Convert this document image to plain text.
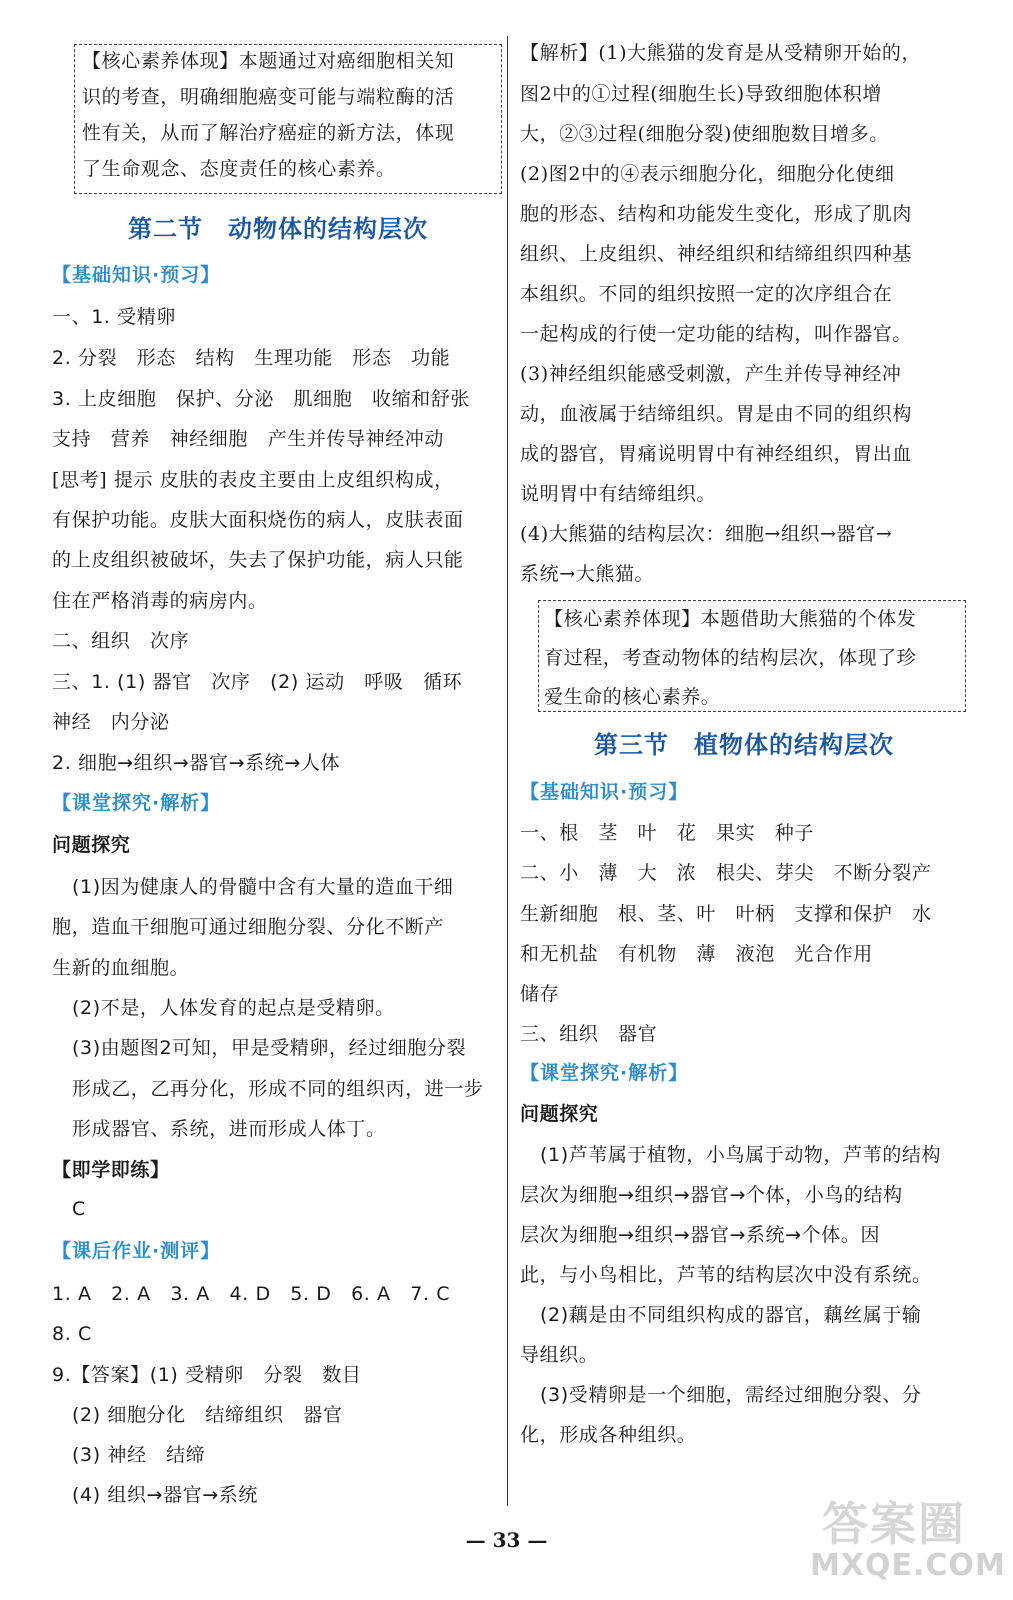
【核心素养体现】本题通过对癌细胞相关知
识的考查，明确细胞癌变可能与端粒酶的活
性有关，从而了解治疗癌症的新方法，体现
了生命观念、态度责任的核心素养。
第二节　动物体的结构层次
【基础知识·预习】
一、1. 受精卵
2. 分裂　形态　结构　生理功能　形态　功能
3. 上皮细胞　保护、分泌　肌细胞　收缩和舒张
支持　营养　神经细胞　产生并传导神经冲动
[思考] 提示 皮肤的表皮主要由上皮组织构成，
有保护功能。皮肤大面积烧伤的病人，皮肤表面
的上皮组织被破坏，失去了保护功能，病人只能
住在严格消毒的病房内。
二、组织　次序
三、1. (1) 器官　次序　(2) 运动　呼吸　循环
神经　内分泌
2. 细胞→组织→器官→系统→人体
【课堂探究·解析】
问题探究
(1)因为健康人的骨髓中含有大量的造血干细
胞，造血干细胞可通过细胞分裂、分化不断产
生新的血细胞。
(2)不是，人体发育的起点是受精卵。
(3)由题图2可知，甲是受精卵，经过细胞分裂
形成乙，乙再分化，形成不同的组织丙，进一步
形成器官、系统，进而形成人体丁。
【即学即练】
C
【课后作业·测评】
1. A　2. A　3. A　4. D　5. D　6. A　7. C
8. C
9.【答案】(1) 受精卵　分裂　数目
(2) 细胞分化　结缔组织　器官
(3) 神经　结缔
(4) 组织→器官→系统
【解析】(1)大熊猫的发育是从受精卵开始的，
图2中的①过程(细胞生长)导致细胞体积增
大，②③过程(细胞分裂)使细胞数目增多。
(2)图2中的④表示细胞分化，细胞分化使细
胞的形态、结构和功能发生变化，形成了肌肉
组织、上皮组织、神经组织和结缔组织四种基
本组织。不同的组织按照一定的次序组合在
一起构成的行使一定功能的结构，叫作器官。
(3)神经组织能感受刺激，产生并传导神经冲
动，血液属于结缔组织。胃是由不同的组织构
成的器官，胃痛说明胃中有神经组织，胃出血
说明胃中有结缔组织。
(4)大熊猫的结构层次：细胞→组织→器官→
系统→大熊猫。
【核心素养体现】本题借助大熊猫的个体发
育过程，考查动物体的结构层次，体现了珍
爱生命的核心素养。
第三节　植物体的结构层次
【基础知识·预习】
一、根　茎　叶　花　果实　种子
二、小　薄　大　浓　根尖、芽尖　不断分裂产
生新细胞　根、茎、叶　叶柄　支撑和保护　水
和无机盐　有机物　薄　液泡　光合作用
储存
三、组织　器官
【课堂探究·解析】
问题探究
(1)芦苇属于植物，小鸟属于动物，芦苇的结构
层次为细胞→组织→器官→个体，小鸟的结构
层次为细胞→组织→器官→系统→个体。因
此，与小鸟相比，芦苇的结构层次中没有系统。
(2)藕是由不同组织构成的器官，藕丝属于输
导组织。
(3)受精卵是一个细胞，需经过细胞分裂、分
化，形成各种组织。
— 33 —	答案圈
MXQE.COM
